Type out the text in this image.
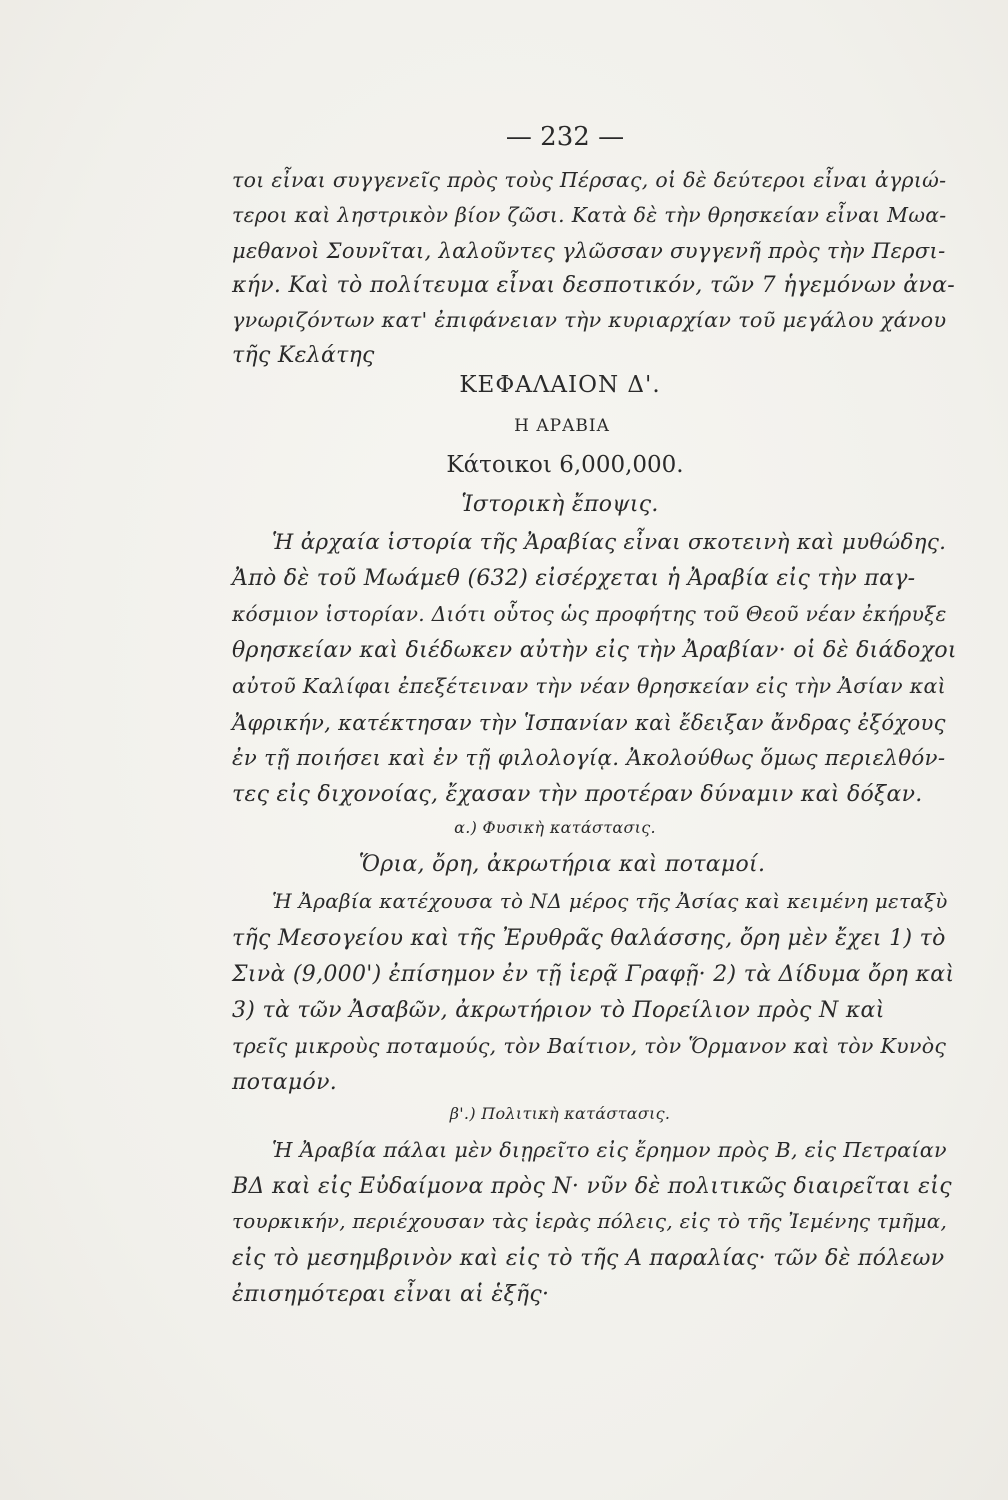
— 232 —
τοι εἶναι συγγενεῖς πρὸς τοὺς Πέρσας, οἱ δὲ δεύτεροι εἶναι ἀγριώ-
τεροι καὶ ληστρικὸν βίον ζῶσι. Κατὰ δὲ τὴν θρησκείαν εἶναι Μωα-
μεθανοὶ Σουνῖται, λαλοῦντες γλῶσσαν συγγενῆ πρὸς τὴν Περσι-
κήν. Καὶ τὸ πολίτευμα εἶναι δεσποτικόν, τῶν 7 ἡγεμόνων ἀνα-
γνωριζόντων κατ' ἐπιφάνειαν τὴν κυριαρχίαν τοῦ μεγάλου χάνου
τῆς Κελάτης
ΚΕΦΑΛΑΙΟΝ Δ'.
Η ΑΡΑΒΙΑ
Κάτοικοι 6,000,000.
Ἱστορικὴ ἔποψις.
Ἡ ἀρχαία ἱστορία τῆς Ἀραβίας εἶναι σκοτεινὴ καὶ μυθώδης.
Ἀπὸ δὲ τοῦ Μωάμεθ (632) εἰσέρχεται ἡ Ἀραβία εἰς τὴν παγ-
κόσμιον ἱστορίαν. Διότι οὗτος ὡς προφήτης τοῦ Θεοῦ νέαν ἐκήρυξε
θρησκείαν καὶ διέδωκεν αὐτὴν εἰς τὴν Ἀραβίαν· οἱ δὲ διάδοχοι
αὐτοῦ Καλίφαι ἐπεξέτειναν τὴν νέαν θρησκείαν εἰς τὴν Ἀσίαν καὶ
Ἀφρικήν, κατέκτησαν τὴν Ἱσπανίαν καὶ ἔδειξαν ἄνδρας ἐξόχους
ἐν τῇ ποιήσει καὶ ἐν τῇ φιλολογίᾳ. Ἀκολούθως ὅμως περιελθόν-
τες εἰς διχονοίας, ἔχασαν τὴν προτέραν δύναμιν καὶ δόξαν.
α.) Φυσικὴ κατάστασις.
Ὅρια, ὄρη, ἀκρωτήρια καὶ ποταμοί.
Ἡ Ἀραβία κατέχουσα τὸ ΝΔ μέρος τῆς Ἀσίας καὶ κειμένη μεταξὺ
τῆς Μεσογείου καὶ τῆς Ἐρυθρᾶς θαλάσσης, ὄρη μὲν ἔχει 1) τὸ
Σινὰ (9,000') ἐπίσημον ἐν τῇ ἱερᾷ Γραφῇ· 2) τὰ Δίδυμα ὄρη καὶ
3) τὰ τῶν Ἀσαβῶν, ἀκρωτήριον τὸ Πορείλιον πρὸς Ν καὶ
τρεῖς μικροὺς ποταμούς, τὸν Βαίτιον, τὸν Ὅρμανον καὶ τὸν Κυνὸς
ποταμόν.
β'.) Πολιτικὴ κατάστασις.
Ἡ Ἀραβία πάλαι μὲν διῃρεῖτο εἰς ἔρημον πρὸς Β, εἰς Πετραίαν
ΒΔ καὶ εἰς Εὐδαίμονα πρὸς Ν· νῦν δὲ πολιτικῶς διαιρεῖται εἰς
τουρκικήν, περιέχουσαν τὰς ἱερὰς πόλεις, εἰς τὸ τῆς Ἰεμένης τμῆμα,
εἰς τὸ μεσημβρινὸν καὶ εἰς τὸ τῆς Α παραλίας· τῶν δὲ πόλεων
ἐπισημότεραι εἶναι αἱ ἑξῆς·
